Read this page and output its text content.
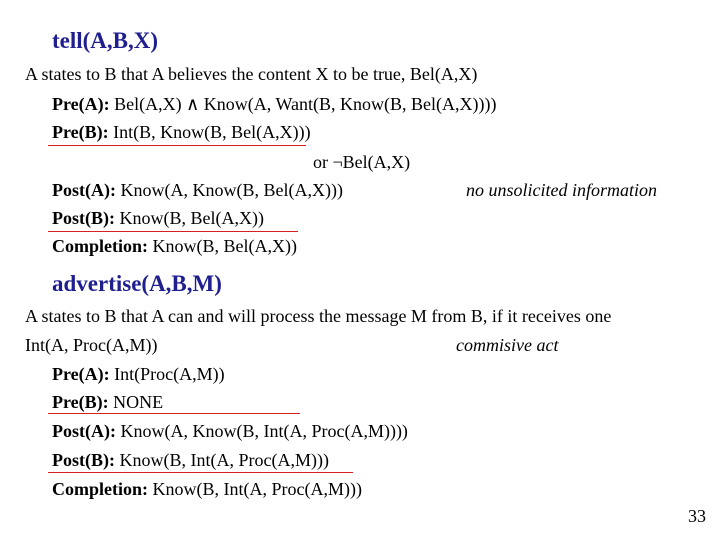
tell(A,B,X)
A states to B that A believes the content X to be true, Bel(A,X)
Pre(A): Bel(A,X) ∧ Know(A, Want(B, Know(B, Bel(A,X))))
Pre(B): Int(B, Know(B, Bel(A,X)))
or ¬Bel(A,X)
Post(A): Know(A, Know(B, Bel(A,X)))	no unsolicited information
Post(B): Know(B, Bel(A,X))
Completion: Know(B, Bel(A,X))
advertise(A,B,M)
A states to B that A can and will process the message M from B, if it receives one
Int(A, Proc(A,M))	commisive act
Pre(A): Int(Proc(A,M))
Pre(B): NONE
Post(A): Know(A, Know(B, Int(A, Proc(A,M))))
Post(B): Know(B, Int(A, Proc(A,M)))
Completion: Know(B, Int(A, Proc(A,M)))
33
